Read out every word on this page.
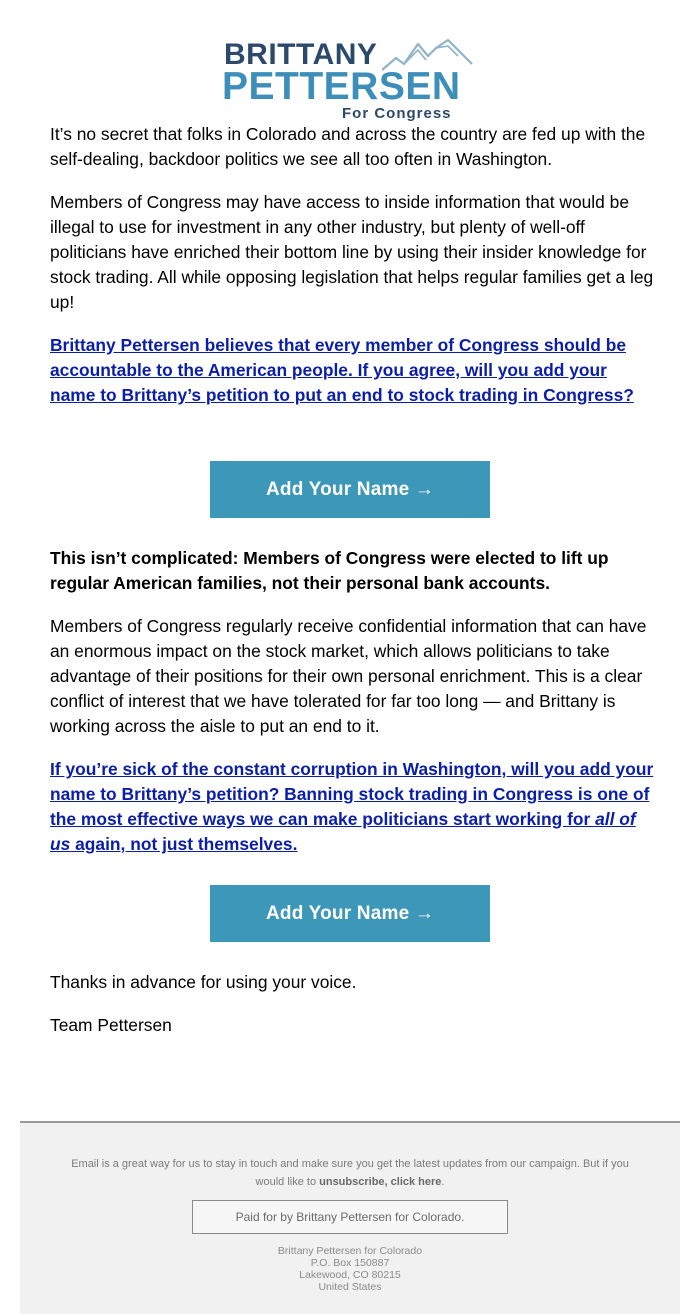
BRITTANY
PETTERSEN
For Congress

It’s no secret that folks in Colorado and across the country are fed up with the self-dealing, backdoor politics we see all too often in Washington.

Members of Congress may have access to inside information that would be illegal to use for investment in any other industry, but plenty of well-off politicians have enriched their bottom line by using their insider knowledge for stock trading. All while opposing legislation that helps regular families get a leg up!

Brittany Pettersen believes that every member of Congress should be accountable to the American people. If you agree, will you add your name to Brittany’s petition to put an end to stock trading in Congress?

Add Your Name →

This isn’t complicated: Members of Congress were elected to lift up regular American families, not their personal bank accounts.

Members of Congress regularly receive confidential information that can have an enormous impact on the stock market, which allows politicians to take advantage of their positions for their own personal enrichment. This is a clear conflict of interest that we have tolerated for far too long — and Brittany is working across the aisle to put an end to it.

If you’re sick of the constant corruption in Washington, will you add your name to Brittany’s petition? Banning stock trading in Congress is one of the most effective ways we can make politicians start working for all of us again, not just themselves.

Add Your Name →

Thanks in advance for using your voice.

Team Pettersen

Email is a great way for us to stay in touch and make sure you get the latest updates from our campaign. But if you would like to unsubscribe, click here.
Paid for by Brittany Pettersen for Colorado.
Brittany Pettersen for Colorado
P.O. Box 150887
Lakewood, CO 80215
United States
